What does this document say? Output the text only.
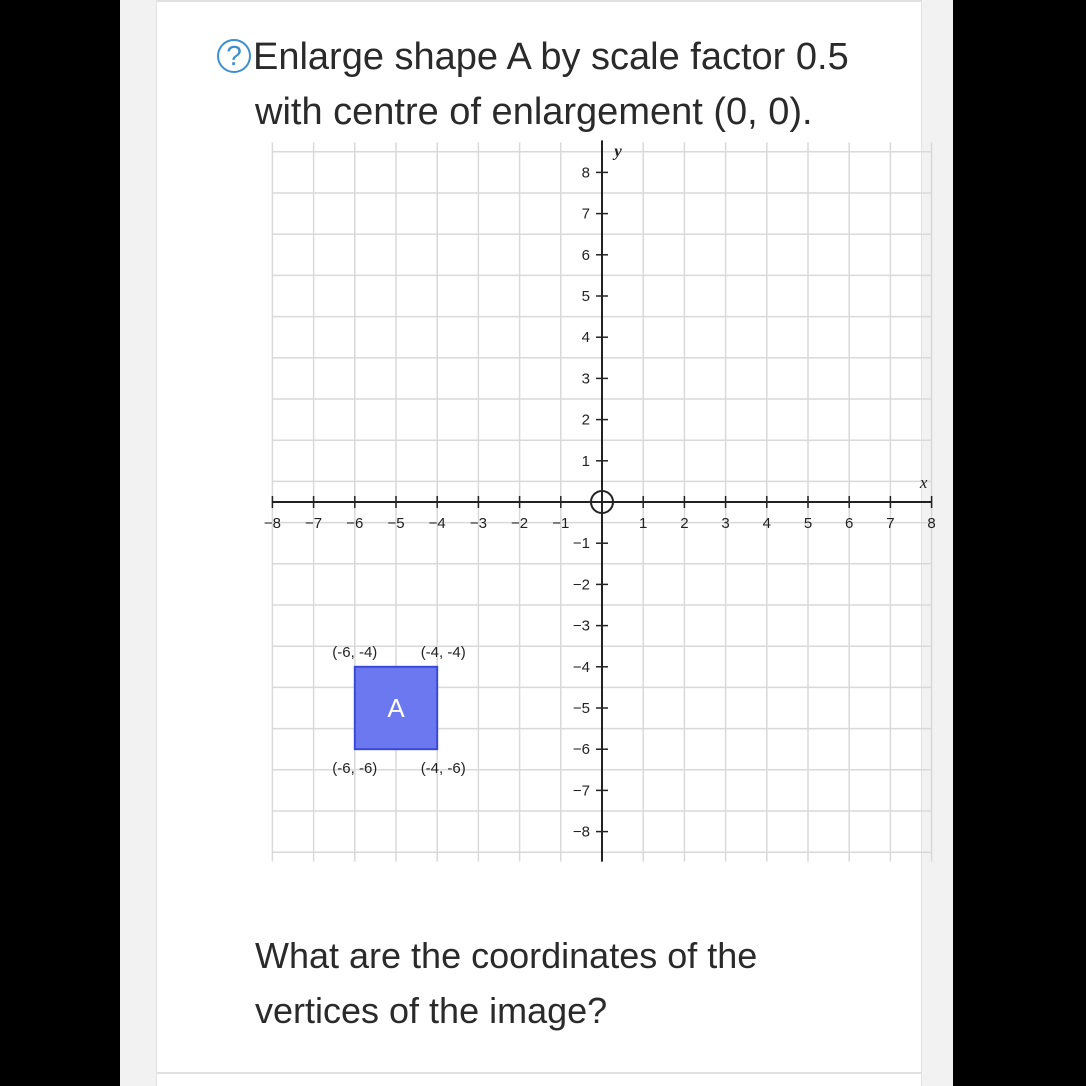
? Enlarge shape A by scale factor 0.5
with centre of enlargement (0, 0).
A
−8 −7 −6 −5 −4 −3 −2 −1	1 2 3 4 5 6 7 8
8
7
6
5
4
3
2
1
−1
−2
−3
−4
−5
−6
−7
−8
x
y
(-6, -4)	(-4, -4)
(-6, -6)	(-4, -6)
What are the coordinates of the
vertices of the image?
